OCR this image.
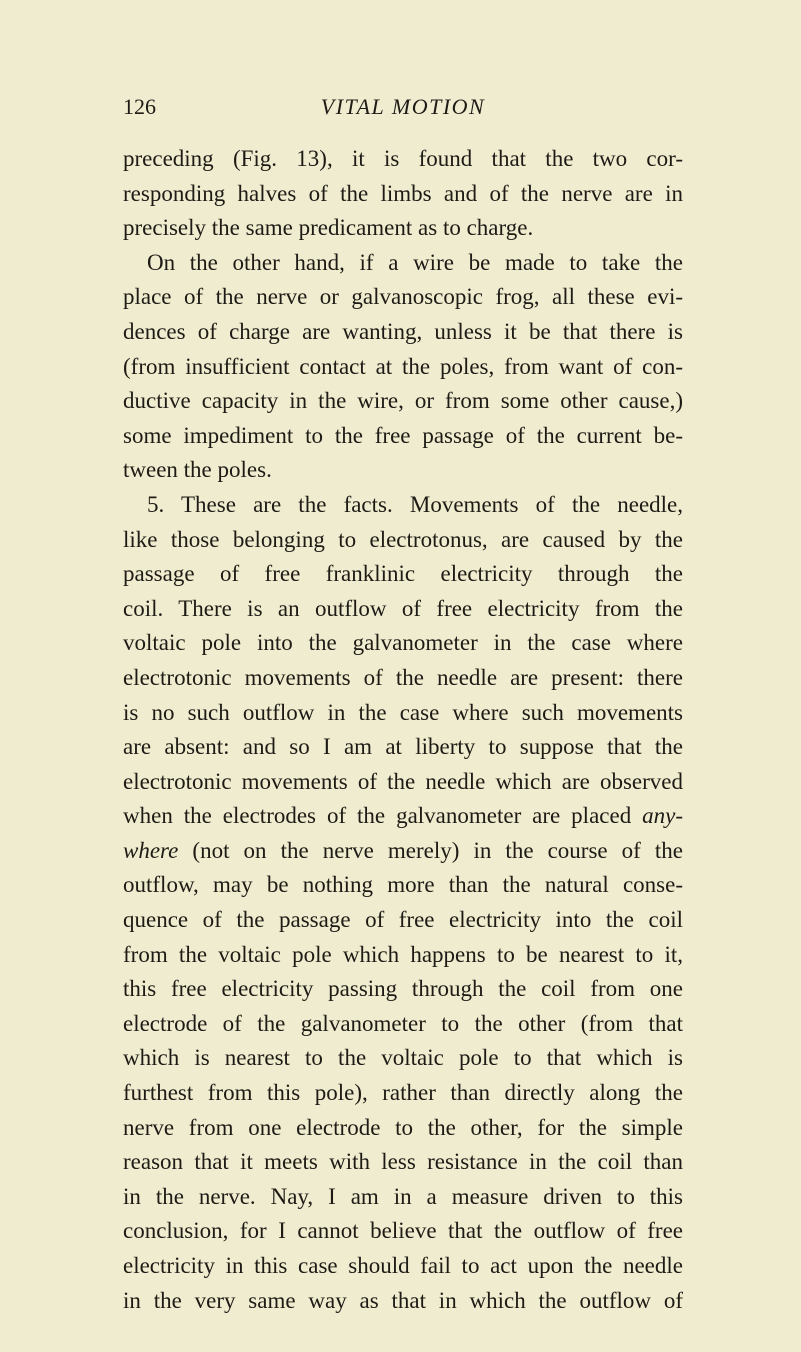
126	VITAL MOTION
preceding (Fig. 13), it is found that the two cor-
responding halves of the limbs and of the nerve are in
precisely the same predicament as to charge.
On the other hand, if a wire be made to take the
place of the nerve or galvanoscopic frog, all these evi-
dences of charge are wanting, unless it be that there is
(from insufficient contact at the poles, from want of con-
ductive capacity in the wire, or from some other cause,)
some impediment to the free passage of the current be-
tween the poles.
5. These are the facts. Movements of the needle,
like those belonging to electrotonus, are caused by the
passage of free franklinic electricity through the
coil. There is an outflow of free electricity from the
voltaic pole into the galvanometer in the case where
electrotonic movements of the needle are present: there
is no such outflow in the case where such movements
are absent: and so I am at liberty to suppose that the
electrotonic movements of the needle which are observed
when the electrodes of the galvanometer are placed any-
where (not on the nerve merely) in the course of the
outflow, may be nothing more than the natural conse-
quence of the passage of free electricity into the coil
from the voltaic pole which happens to be nearest to it,
this free electricity passing through the coil from one
electrode of the galvanometer to the other (from that
which is nearest to the voltaic pole to that which is
furthest from this pole), rather than directly along the
nerve from one electrode to the other, for the simple
reason that it meets with less resistance in the coil than
in the nerve. Nay, I am in a measure driven to this
conclusion, for I cannot believe that the outflow of free
electricity in this case should fail to act upon the needle
in the very same way as that in which the outflow of
